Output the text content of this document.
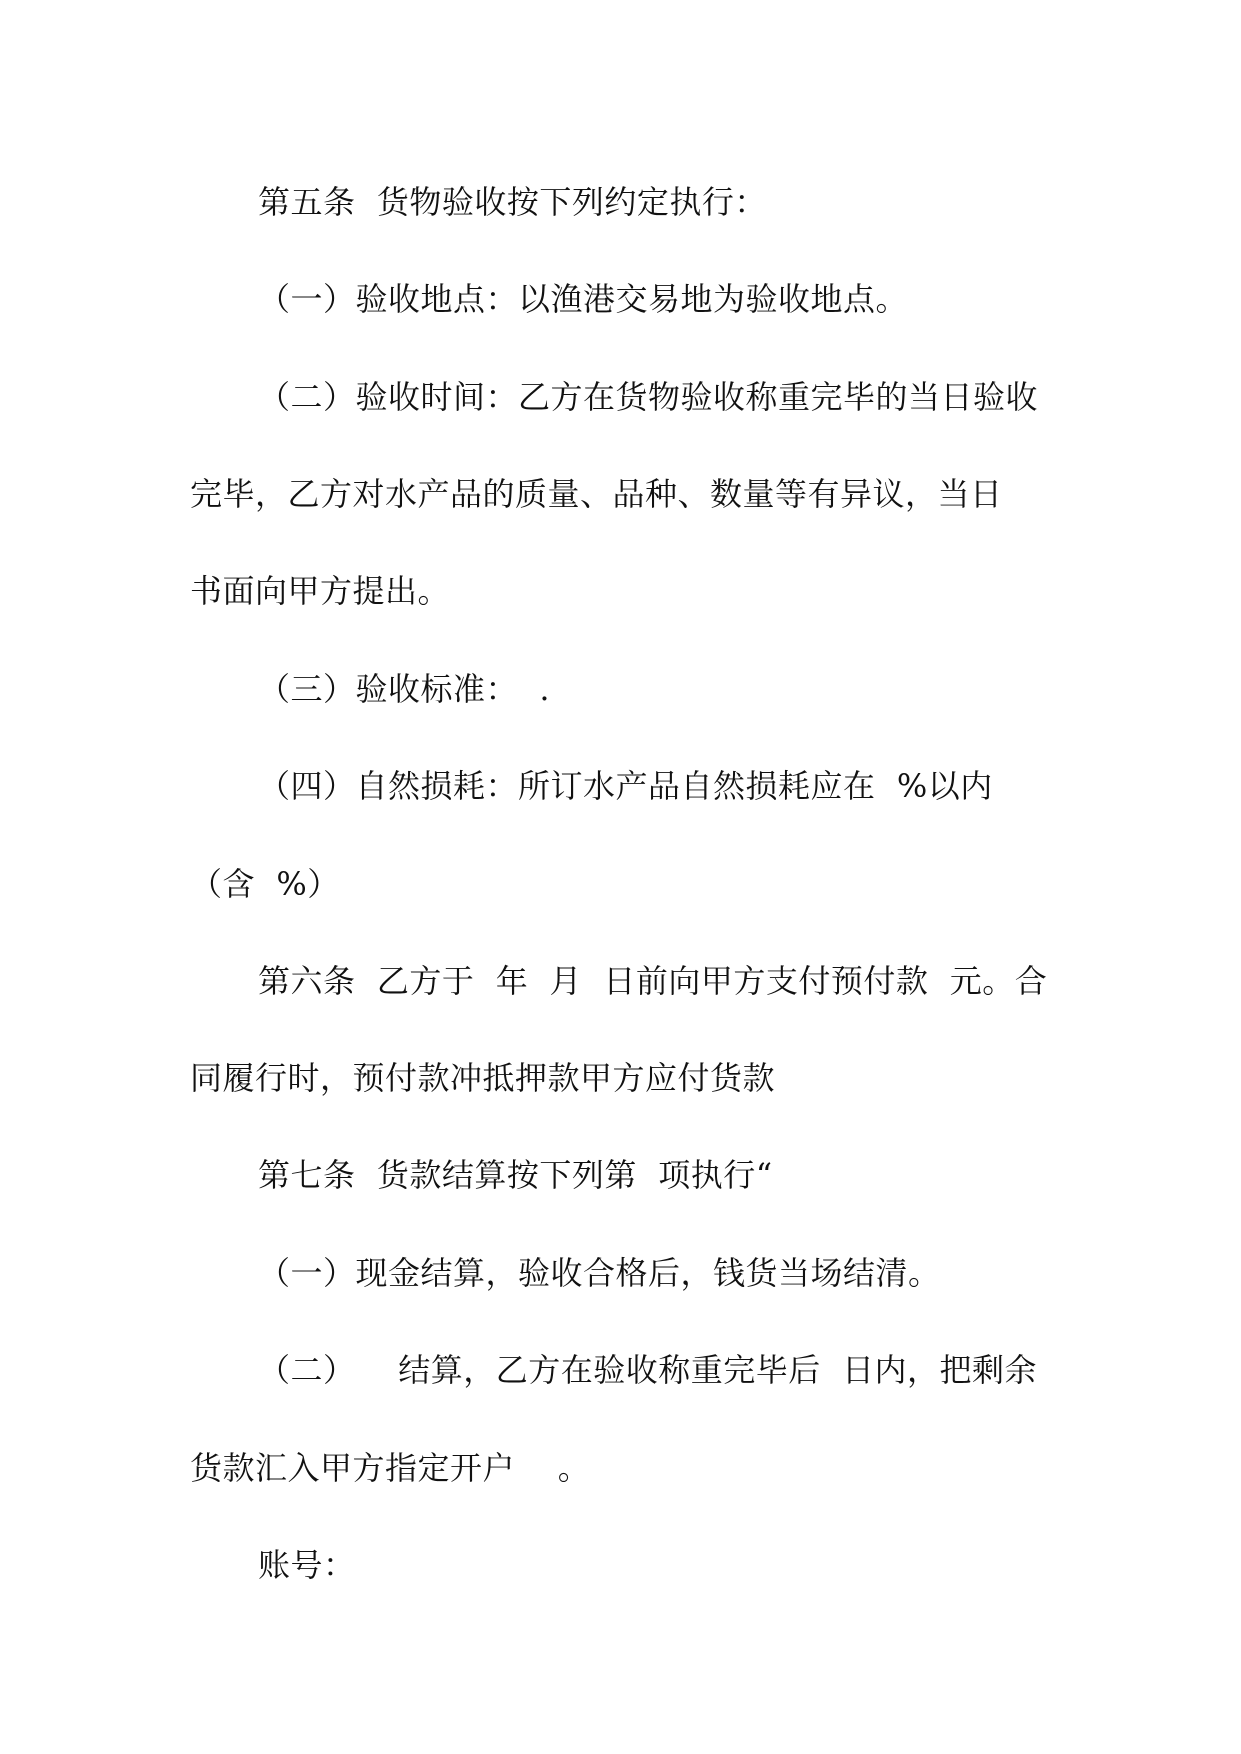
第五条  货物验收按下列约定执行：
（一）验收地点：以渔港交易地为验收地点。
（二）验收时间：乙方在货物验收称重完毕的当日验收
完毕，乙方对水产品的质量、品种、数量等有异议，当日
书面向甲方提出。
（三）验收标准：  .
（四）自然损耗：所订水产品自然损耗应在  %以内
（含  %）
第六条  乙方于  年  月  日前向甲方支付预付款  元。合
同履行时，预付款冲抵押款甲方应付货款
第七条  货款结算按下列第  项执行“
（一）现金结算，验收合格后，钱货当场结清。
（二）    结算，乙方在验收称重完毕后  日内，把剩余
货款汇入甲方指定开户    。
账号：
